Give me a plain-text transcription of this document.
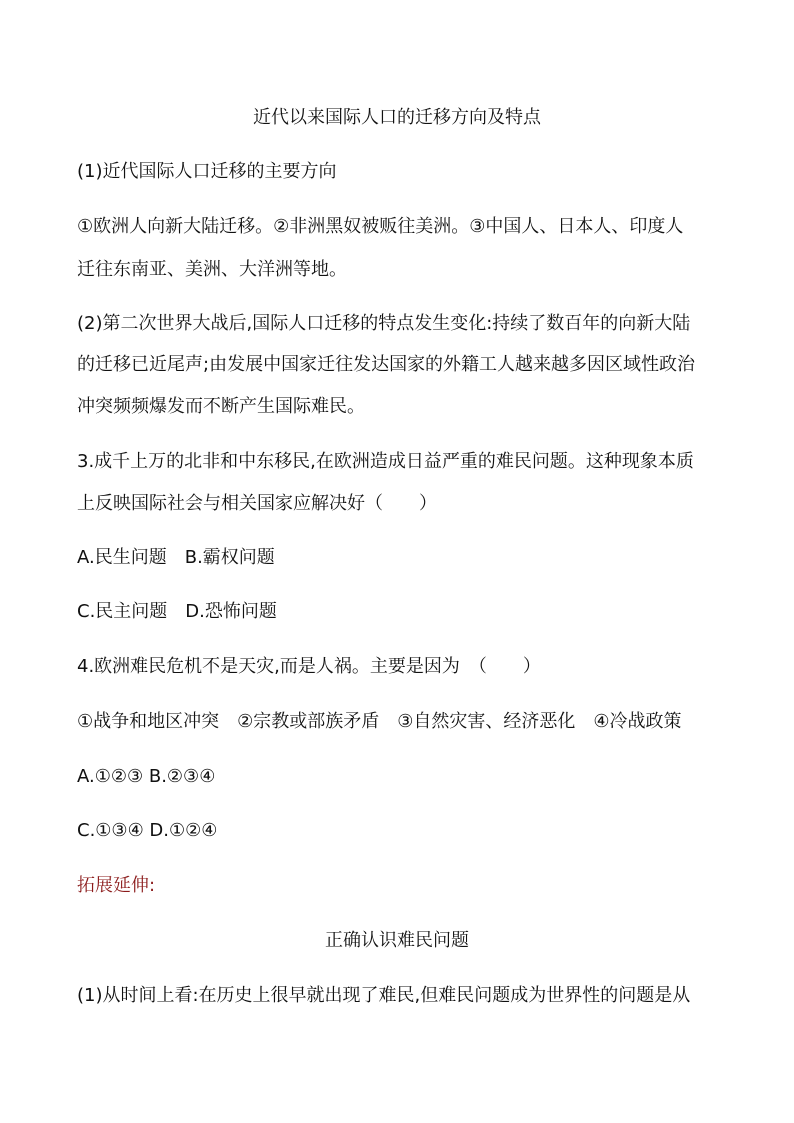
近代以来国际人口的迁移方向及特点
(1)近代国际人口迁移的主要方向
①欧洲人向新大陆迁移。②非洲黑奴被贩往美洲。③中国人、日本人、印度人
迁往东南亚、美洲、大洋洲等地。
(2)第二次世界大战后,国际人口迁移的特点发生变化:持续了数百年的向新大陆
的迁移已近尾声;由发展中国家迁往发达国家的外籍工人越来越多因区域性政治
冲突频频爆发而不断产生国际难民。
3.成千上万的北非和中东移民,在欧洲造成日益严重的难民问题。这种现象本质
上反映国际社会与相关国家应解决好（　　）
A.民生问题　B.霸权问题
C.民主问题　D.恐怖问题
4.欧洲难民危机不是天灾,而是人祸。主要是因为　（　　）
①战争和地区冲突　②宗教或部族矛盾　③自然灾害、经济恶化　④冷战政策
A.①②③ B.②③④
C.①③④ D.①②④
拓展延伸:
正确认识难民问题
(1)从时间上看:在历史上很早就出现了难民,但难民问题成为世界性的问题是从
